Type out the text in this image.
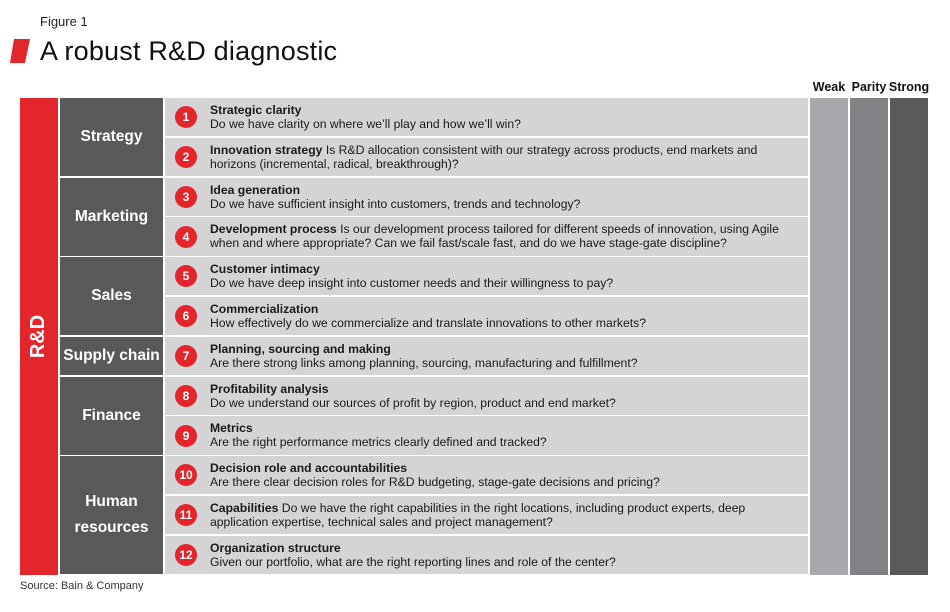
Figure 1
A robust R&D diagnostic
Weak Parity Strong
R&D
Strategy
Marketing
Sales
Supply chain
Finance
Human resources
1
Strategic clarity
Do we have clarity on where we’ll play and how we’ll win?
2
Innovation strategy Is R&D allocation consistent with our strategy across products, end markets and horizons (incremental, radical, breakthrough)?
3
Idea generation
Do we have sufficient insight into customers, trends and technology?
4
Development process Is our development process tailored for different speeds of innovation, using Agile when and where appropriate? Can we fail fast/scale fast, and do we have stage-gate discipline?
5
Customer intimacy
Do we have deep insight into customer needs and their willingness to pay?
6
Commercialization
How effectively do we commercialize and translate innovations to other markets?
7
Planning, sourcing and making
Are there strong links among planning, sourcing, manufacturing and fulfillment?
8
Profitability analysis
Do we understand our sources of profit by region, product and end market?
9
Metrics
Are the right performance metrics clearly defined and tracked?
10
Decision role and accountabilities
Are there clear decision roles for R&D budgeting, stage-gate decisions and pricing?
11
Capabilities Do we have the right capabilities in the right locations, including product experts, deep application expertise, technical sales and project management?
12
Organization structure
Given our portfolio, what are the right reporting lines and role of the center?
Source: Bain & Company
